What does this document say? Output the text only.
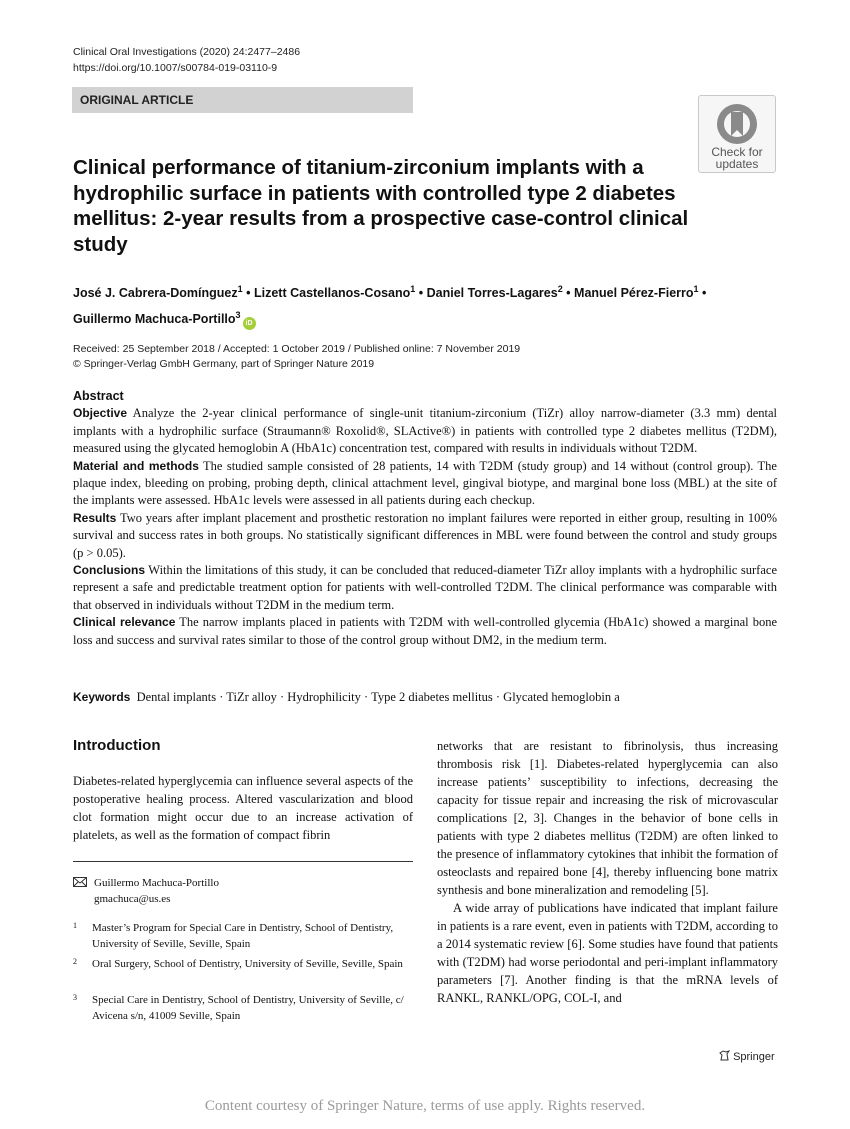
Clinical Oral Investigations (2020) 24:2477–2486
https://doi.org/10.1007/s00784-019-03110-9
ORIGINAL ARTICLE
Check for
updates
Clinical performance of titanium-zirconium implants with a hydrophilic surface in patients with controlled type 2 diabetes mellitus: 2-year results from a prospective case-control clinical study
José J. Cabrera-Domínguez$^1$ • Lizett Castellanos-Cosano$^1$ • Daniel Torres-Lagares$^2$ • Manuel Pérez-Fierro$^1$ •
Guillermo Machuca-Portillo$^3$iD
Received: 25 September 2018 / Accepted: 1 October 2019 / Published online: 7 November 2019
© Springer-Verlag GmbH Germany, part of Springer Nature 2019
Abstract

Objective Analyze the 2-year clinical performance of single-unit titanium-zirconium (TiZr) alloy narrow-diameter (3.3 mm) dental implants with a hydrophilic surface (Straumann® Roxolid®, SLActive®) in patients with controlled type 2 diabetes mellitus (T2DM), measured using the glycated hemoglobin A (HbA1c) concentration test, compared with results in individuals without T2DM.

Material and methods The studied sample consisted of 28 patients, 14 with T2DM (study group) and 14 without (control group). The plaque index, bleeding on probing, probing depth, clinical attachment level, gingival biotype, and marginal bone loss (MBL) at the site of the implants were assessed. HbA1c levels were assessed in all patients during each checkup.

Results Two years after implant placement and prosthetic restoration no implant failures were reported in either group, resulting in 100% survival and success rates in both groups. No statistically significant differences in MBL were found between the control and study groups (p > 0.05).

Conclusions Within the limitations of this study, it can be concluded that reduced-diameter TiZr alloy implants with a hydrophilic surface represent a safe and predictable treatment option for patients with well-controlled T2DM. The clinical performance was comparable with that observed in individuals without T2DM in the medium term.

Clinical relevance The narrow implants placed in patients with T2DM with well-controlled glycemia (HbA1c) showed a marginal bone loss and success and survival rates similar to those of the control group without DM2, in the medium term.

Keywords Dental implants · TiZr alloy · Hydrophilicity · Type 2 diabetes mellitus · Glycated hemoglobin a
Introduction

Diabetes-related hyperglycemia can influence several aspects of the postoperative healing process. Altered vascularization and blood clot formation might occur due to an increase activation of platelets, as well as the formation of compact fibrin

Guillermo Machuca-Portillo
gmachuca@us.es
1 Master’s Program for Special Care in Dentistry, School of Dentistry, University of Seville, Seville, Spain
2 Oral Surgery, School of Dentistry, University of Seville, Seville, Spain
3 Special Care in Dentistry, School of Dentistry, University of Seville, c/ Avicena s/n, 41009 Seville, Spain

networks that are resistant to fibrinolysis, thus increasing thrombosis risk [1]. Diabetes-related hyperglycemia can also increase patients’ susceptibility to infections, decreasing the capacity for tissue repair and increasing the risk of microvascular complications [2, 3]. Changes in the behavior of bone cells in patients with type 2 diabetes mellitus (T2DM) are often linked to the presence of inflammatory cytokines that inhibit the formation of osteoclasts and repaired bone [4], thereby influencing bone matrix synthesis and bone mineralization and remodeling [5].

A wide array of publications have indicated that implant failure in patients is a rare event, even in patients with T2DM, according to a 2014 systematic review [6]. Some studies have found that patients with (T2DM) had worse periodontal and peri-implant inflammatory parameters [7]. Another finding is that the mRNA levels of RANKL, RANKL/OPG, COL-I, and

Springer
Content courtesy of Springer Nature, terms of use apply. Rights reserved.
